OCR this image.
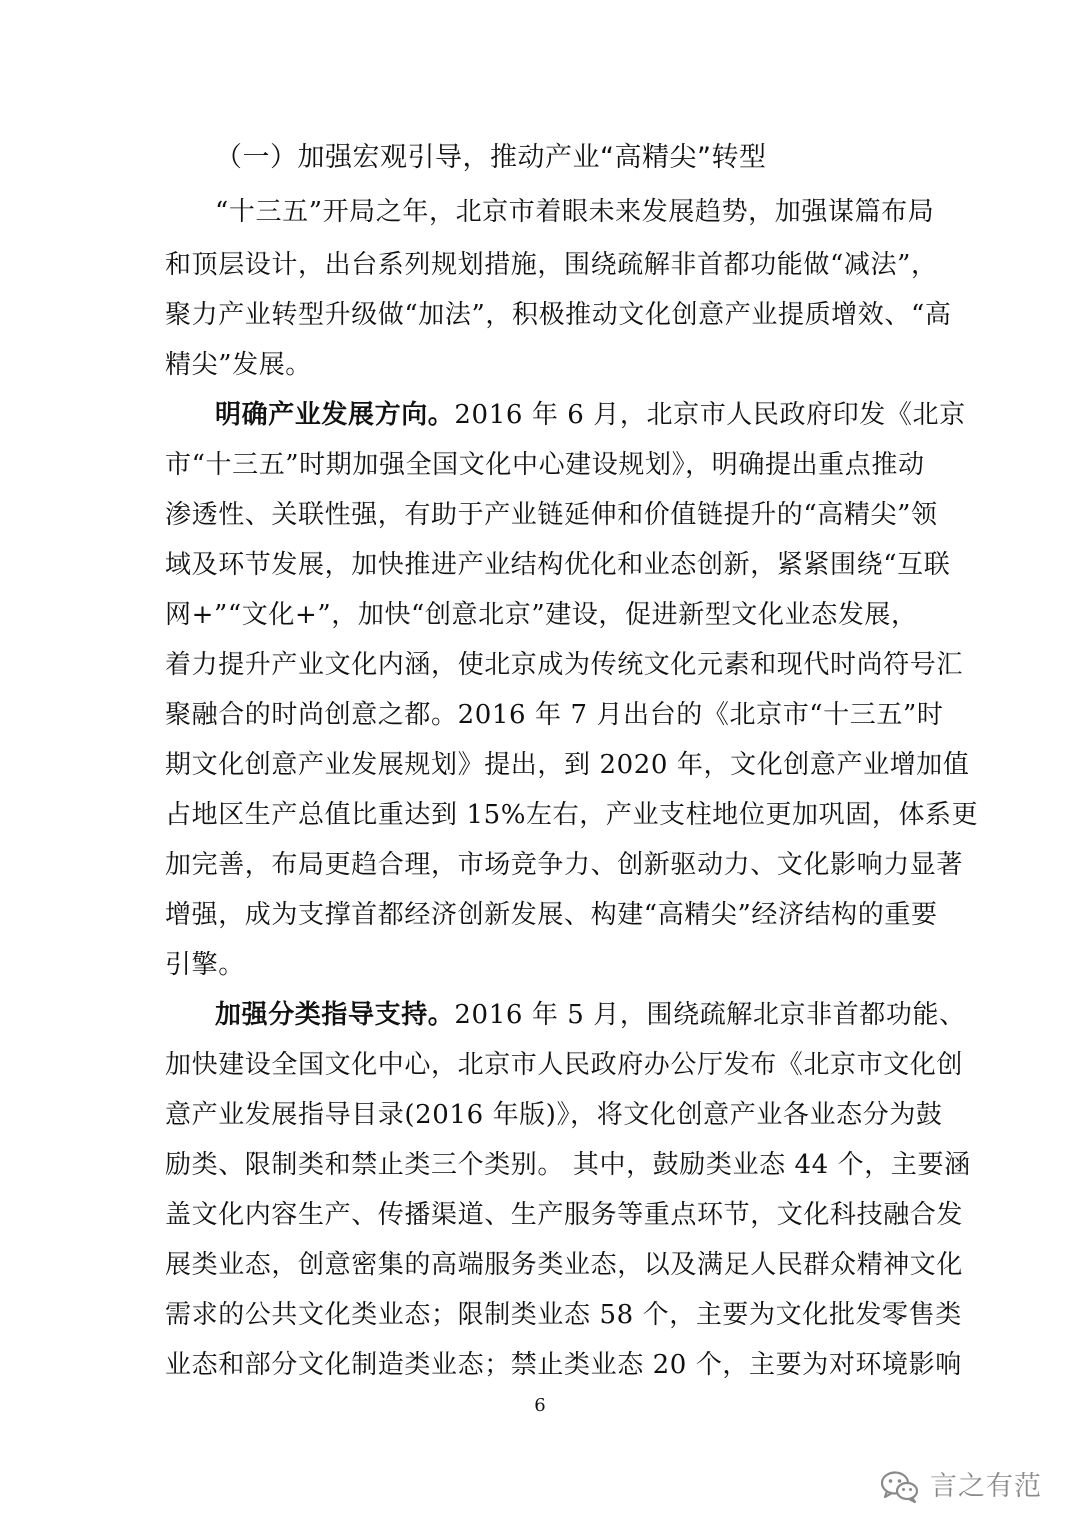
（一）加强宏观引导，推动产业“高精尖”转型
“十三五”开局之年，北京市着眼未来发展趋势，加强谋篇布局
和顶层设计，出台系列规划措施，围绕疏解非首都功能做“减法”，
聚力产业转型升级做“加法”，积极推动文化创意产业提质增效、“高
精尖”发展。
明确产业发展方向。2016 年 6 月，北京市人民政府印发《北京
市“十三五”时期加强全国文化中心建设规划》，明确提出重点推动
渗透性、关联性强，有助于产业链延伸和价值链提升的“高精尖”领
域及环节发展，加快推进产业结构优化和业态创新，紧紧围绕“互联
网+”“文化+”，加快“创意北京”建设，促进新型文化业态发展，
着力提升产业文化内涵，使北京成为传统文化元素和现代时尚符号汇
聚融合的时尚创意之都。2016 年 7 月出台的《北京市“十三五”时
期文化创意产业发展规划》提出，到 2020 年，文化创意产业增加值
占地区生产总值比重达到 15%左右，产业支柱地位更加巩固，体系更
加完善，布局更趋合理，市场竞争力、创新驱动力、文化影响力显著
增强，成为支撑首都经济创新发展、构建“高精尖”经济结构的重要
引擎。
加强分类指导支持。2016 年 5 月，围绕疏解北京非首都功能、
加快建设全国文化中心，北京市人民政府办公厅发布《北京市文化创
意产业发展指导目录(2016 年版)》，将文化创意产业各业态分为鼓
励类、限制类和禁止类三个类别。 其中，鼓励类业态 44 个，主要涵
盖文化内容生产、传播渠道、生产服务等重点环节，文化科技融合发
展类业态，创意密集的高端服务类业态，以及满足人民群众精神文化
需求的公共文化类业态；限制类业态 58 个，主要为文化批发零售类
业态和部分文化制造类业态；禁止类业态 20 个，主要为对环境影响
6
言之有范
